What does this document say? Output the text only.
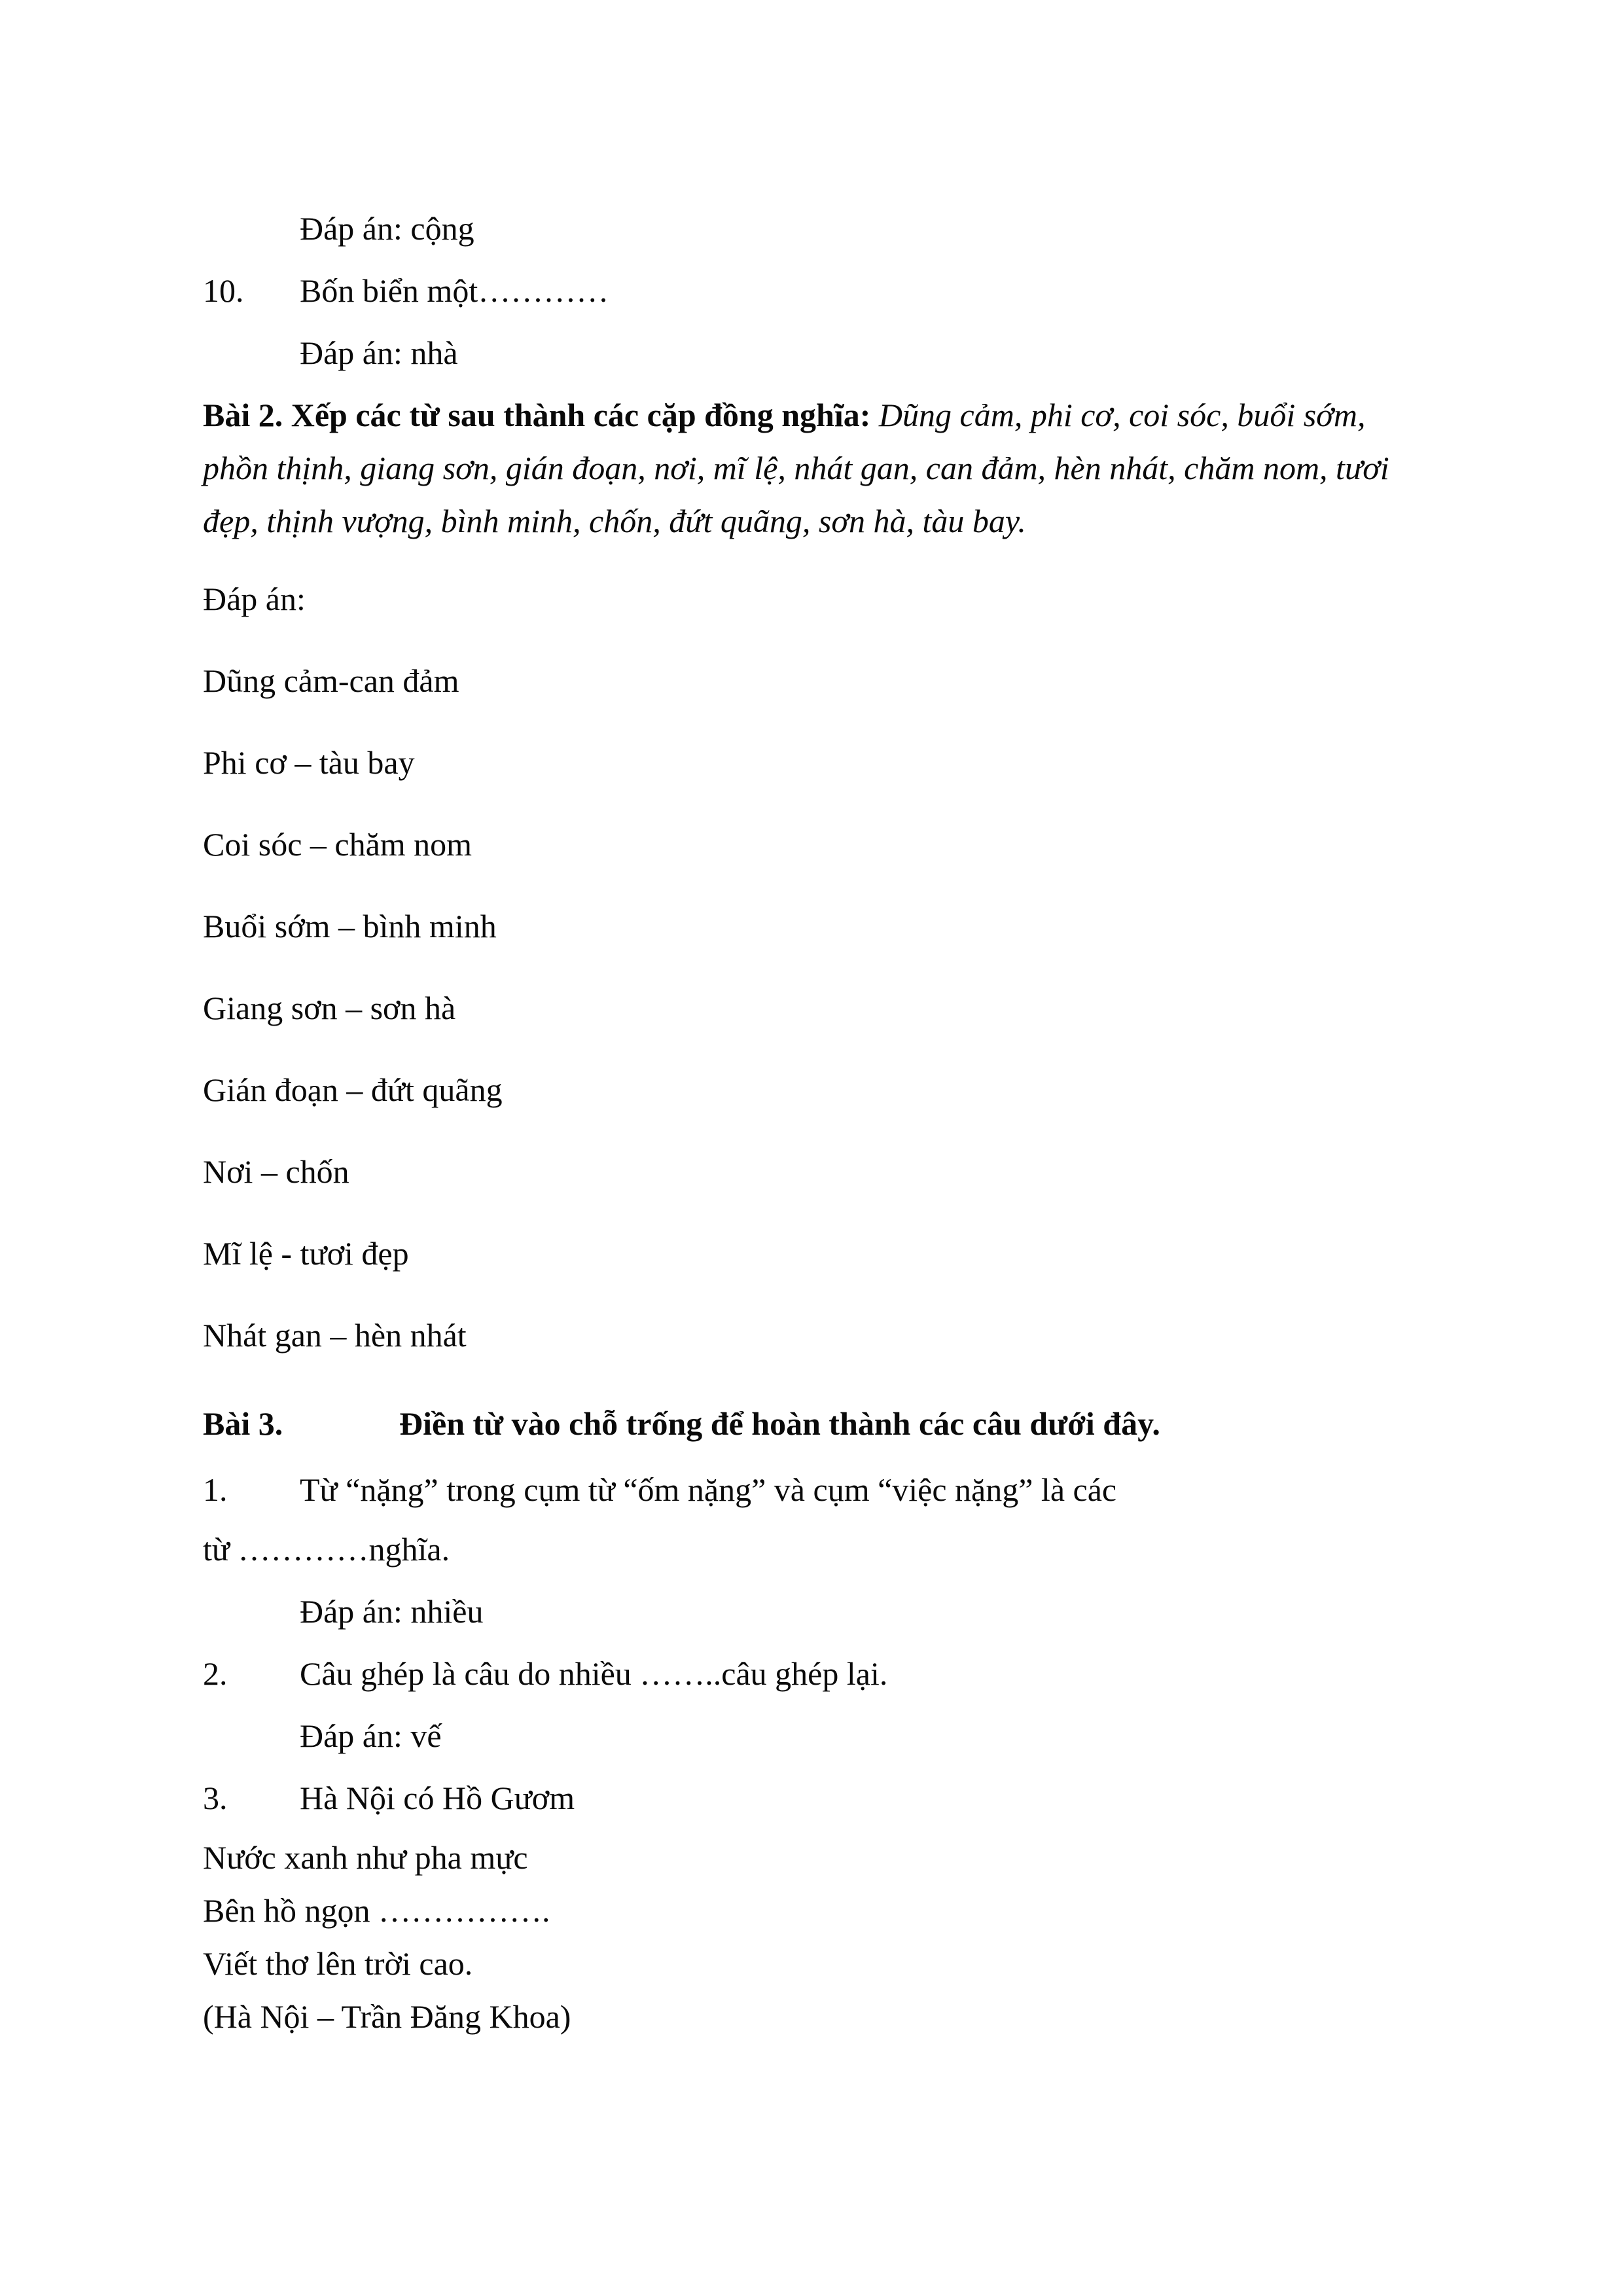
Đáp án: cộng
10.	Bốn biển một…………
Đáp án: nhà
Bài 2. Xếp các từ sau thành các cặp đồng nghĩa: Dũng cảm, phi cơ, coi sóc, buổi sớm, phồn thịnh, giang sơn, gián đoạn, nơi, mĩ lệ, nhát gan, can đảm, hèn nhát, chăm nom, tươi đẹp, thịnh vượng, bình minh, chốn, đứt quãng, sơn hà, tàu bay.
Đáp án:
Dũng cảm-can đảm
Phi cơ – tàu bay
Coi sóc – chăm nom
Buổi sớm – bình minh
Giang sơn – sơn hà
Gián đoạn – đứt quãng
Nơi – chốn
Mĩ lệ - tươi đẹp
Nhát gan – hèn nhát
Bài 3.	Điền từ vào chỗ trống để hoàn thành các câu dưới đây.
1.	Từ “nặng” trong cụm từ “ốm nặng” và cụm “việc nặng” là các
từ …………nghĩa.
Đáp án: nhiều
2.	Câu ghép là câu do nhiều ……..câu ghép lại.
Đáp án: vế
3.	Hà Nội có Hồ Gươm
Nước xanh như pha mực
Bên hồ ngọn …………….
Viết thơ lên trời cao.
(Hà Nội – Trần Đăng Khoa)
